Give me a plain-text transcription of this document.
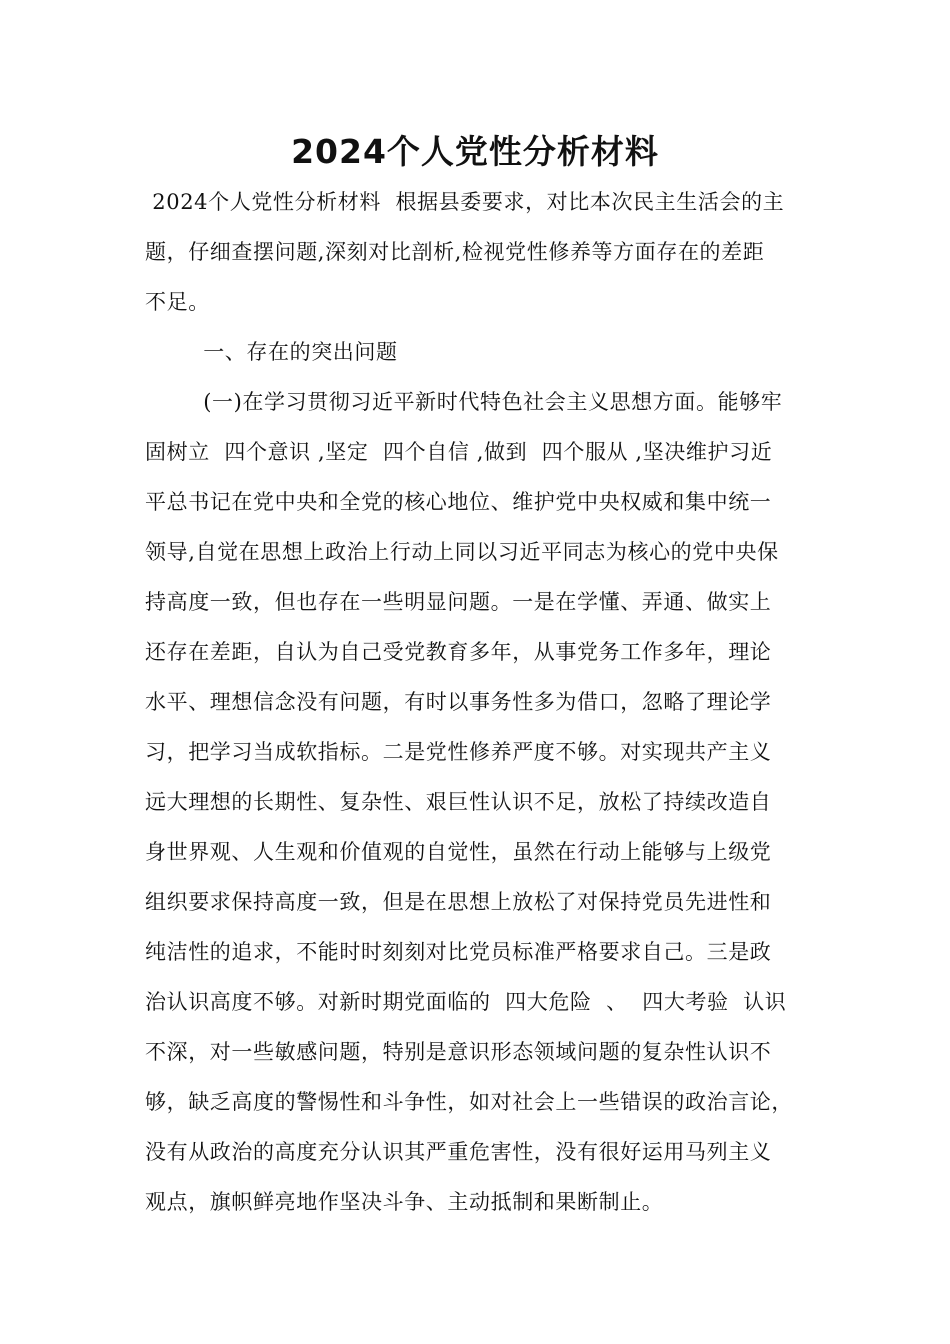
2024个人党性分析材料
2024个人党性分析材料  根据县委要求，对比本次民主生活会的主
题，仔细查摆问题,深刻对比剖析,检视党性修养等方面存在的差距
不足。
一、存在的突出问题
(一)在学习贯彻习近平新时代特色社会主义思想方面。能够牢
固树立  四个意识 ,坚定  四个自信 ,做到  四个服从 ,坚决维护习近
平总书记在党中央和全党的核心地位、维护党中央权威和集中统一
领导,自觉在思想上政治上行动上同以习近平同志为核心的党中央保
持高度一致，但也存在一些明显问题。一是在学懂、弄通、做实上
还存在差距，自认为自己受党教育多年，从事党务工作多年，理论
水平、理想信念没有问题，有时以事务性多为借口，忽略了理论学
习，把学习当成软指标。二是党性修养严度不够。对实现共产主义
远大理想的长期性、复杂性、艰巨性认识不足，放松了持续改造自
身世界观、人生观和价值观的自觉性，虽然在行动上能够与上级党
组织要求保持高度一致，但是在思想上放松了对保持党员先进性和
纯洁性的追求，不能时时刻刻对比党员标准严格要求自己。三是政
治认识高度不够。对新时期党面临的  四大危险  、  四大考验  认识
不深，对一些敏感问题，特别是意识形态领域问题的复杂性认识不
够，缺乏高度的警惕性和斗争性，如对社会上一些错误的政治言论，
没有从政治的高度充分认识其严重危害性，没有很好运用马列主义
观点，旗帜鲜亮地作坚决斗争、主动抵制和果断制止。
